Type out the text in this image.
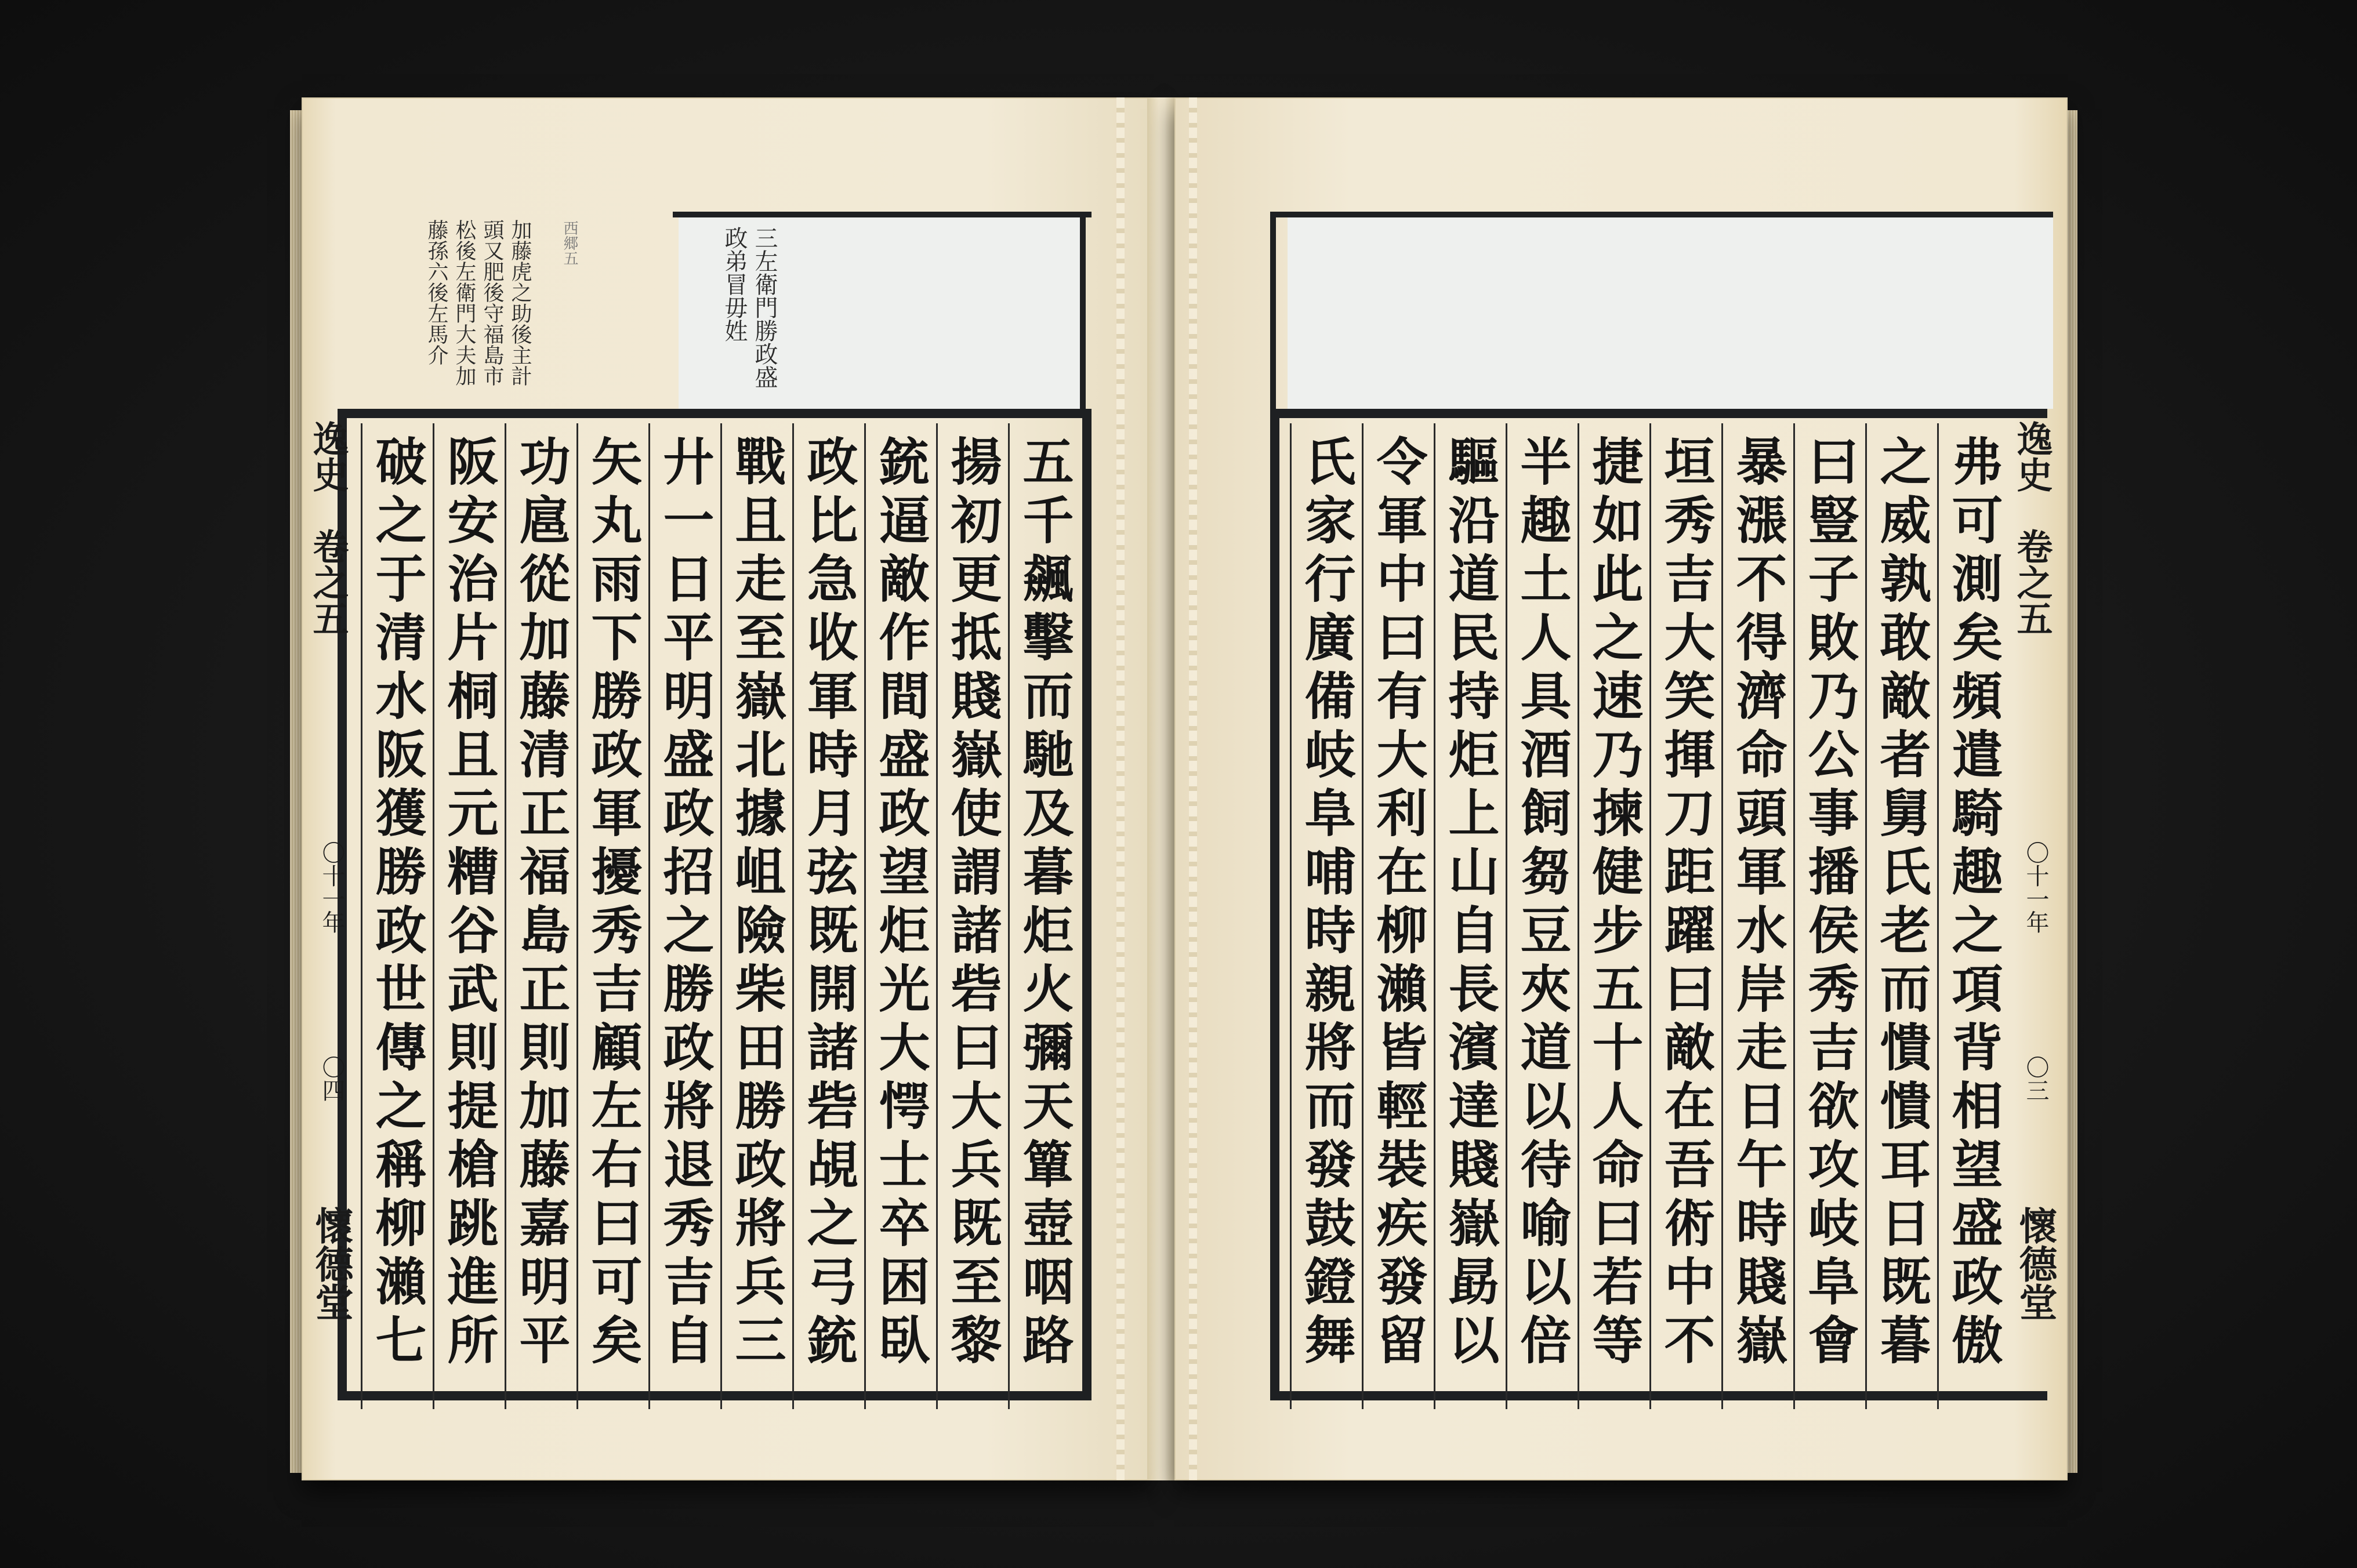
三左衛門勝政盛政弟冒毋姓
加藤虎之助後主計頭又肥後守福島市松後左衛門大夫加藤孫六後左馬介	西郷五
五千飆擊而馳及暮炬火彌天簞壺咽路
揚初更抵賤嶽使謂諸砦曰大兵既至黎
銃逼敵作間盛政望炬光大愕士卒困臥
政比急收軍時月弦既開諸砦覘之弓銃
戰且走至嶽北據岨險柴田勝政將兵三
廾一日平明盛政招之勝政將退秀吉自
矢丸雨下勝政軍擾秀吉顧左右曰可矣
功扈從加藤清正福島正則加藤嘉明平
阪安治片桐且元糟谷武則提槍跳進所
破之于清水阪獲勝政世傳之稱柳瀨七
逸史　卷之五
〇十一年
〇四
懷德堂
弗可測矣頻遣騎趣之項背相望盛政傲
之威孰敢敵者舅氏老而憒憒耳日既暮
曰豎子敗乃公事播侯秀吉欲攻岐阜會
暴漲不得濟命頭軍水岸走日午時賤嶽
垣秀吉大笑揮刀距躍曰敵在吾術中不
捷如此之速乃揀健步五十人命曰若等
半趣土人具酒飼芻豆夾道以待喻以倍
驅沿道民持炬上山自長濱達賤嶽勗以
令軍中曰有大利在柳瀨皆輕裝疾發留
氏家行廣備岐阜哺時親將而發鼓鐙舞
逸史　卷之五
〇十一年
〇三
懷德堂
